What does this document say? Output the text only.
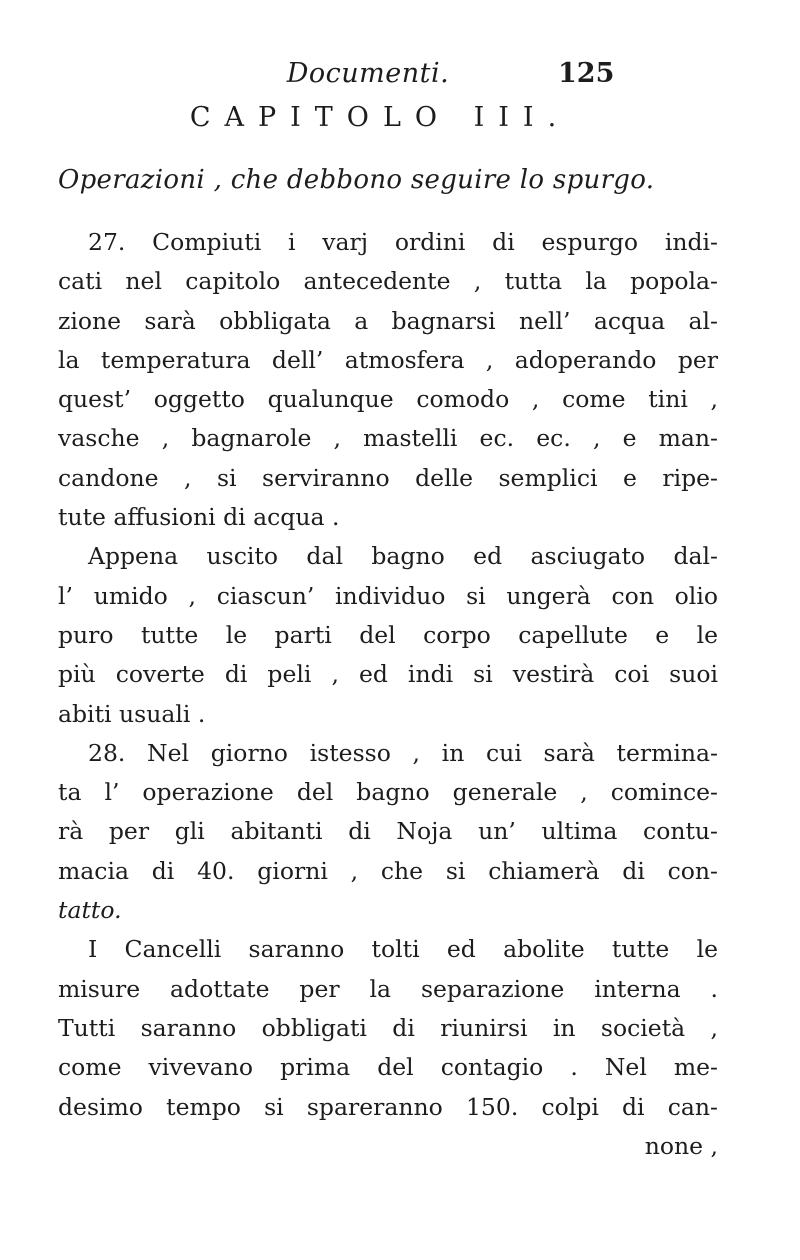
Documenti.	125
CAPITOLO III.
Operazioni , che debbono seguire lo spurgo.
27. Compiuti i varj ordini di espurgo indi-
cati nel capitolo antecedente , tutta la popola-
zione sarà obbligata a bagnarsi nell’ acqua al-
la temperatura dell’ atmosfera , adoperando per
quest’ oggetto qualunque comodo , come tini ,
vasche , bagnarole , mastelli ec. ec. , e man-
candone , si serviranno delle semplici e ripe-
tute affusioni di acqua .
Appena uscito dal bagno ed asciugato dal-
l’ umido , ciascun’ individuo si ungerà con olio
puro tutte le parti del corpo capellute e le
più coverte di peli , ed indi si vestirà coi suoi
abiti usuali .
28. Nel giorno istesso , in cui sarà termina-
ta l’ operazione del bagno generale , comince-
rà per gli abitanti di Noja un’ ultima contu-
macia di 40. giorni , che si chiamerà di con-
tatto.
I Cancelli saranno tolti ed abolite tutte le
misure adottate per la separazione interna .
Tutti saranno obbligati di riunirsi in società ,
come vivevano prima del contagio . Nel me-
desimo tempo si spareranno 150. colpi di can-
none ,
